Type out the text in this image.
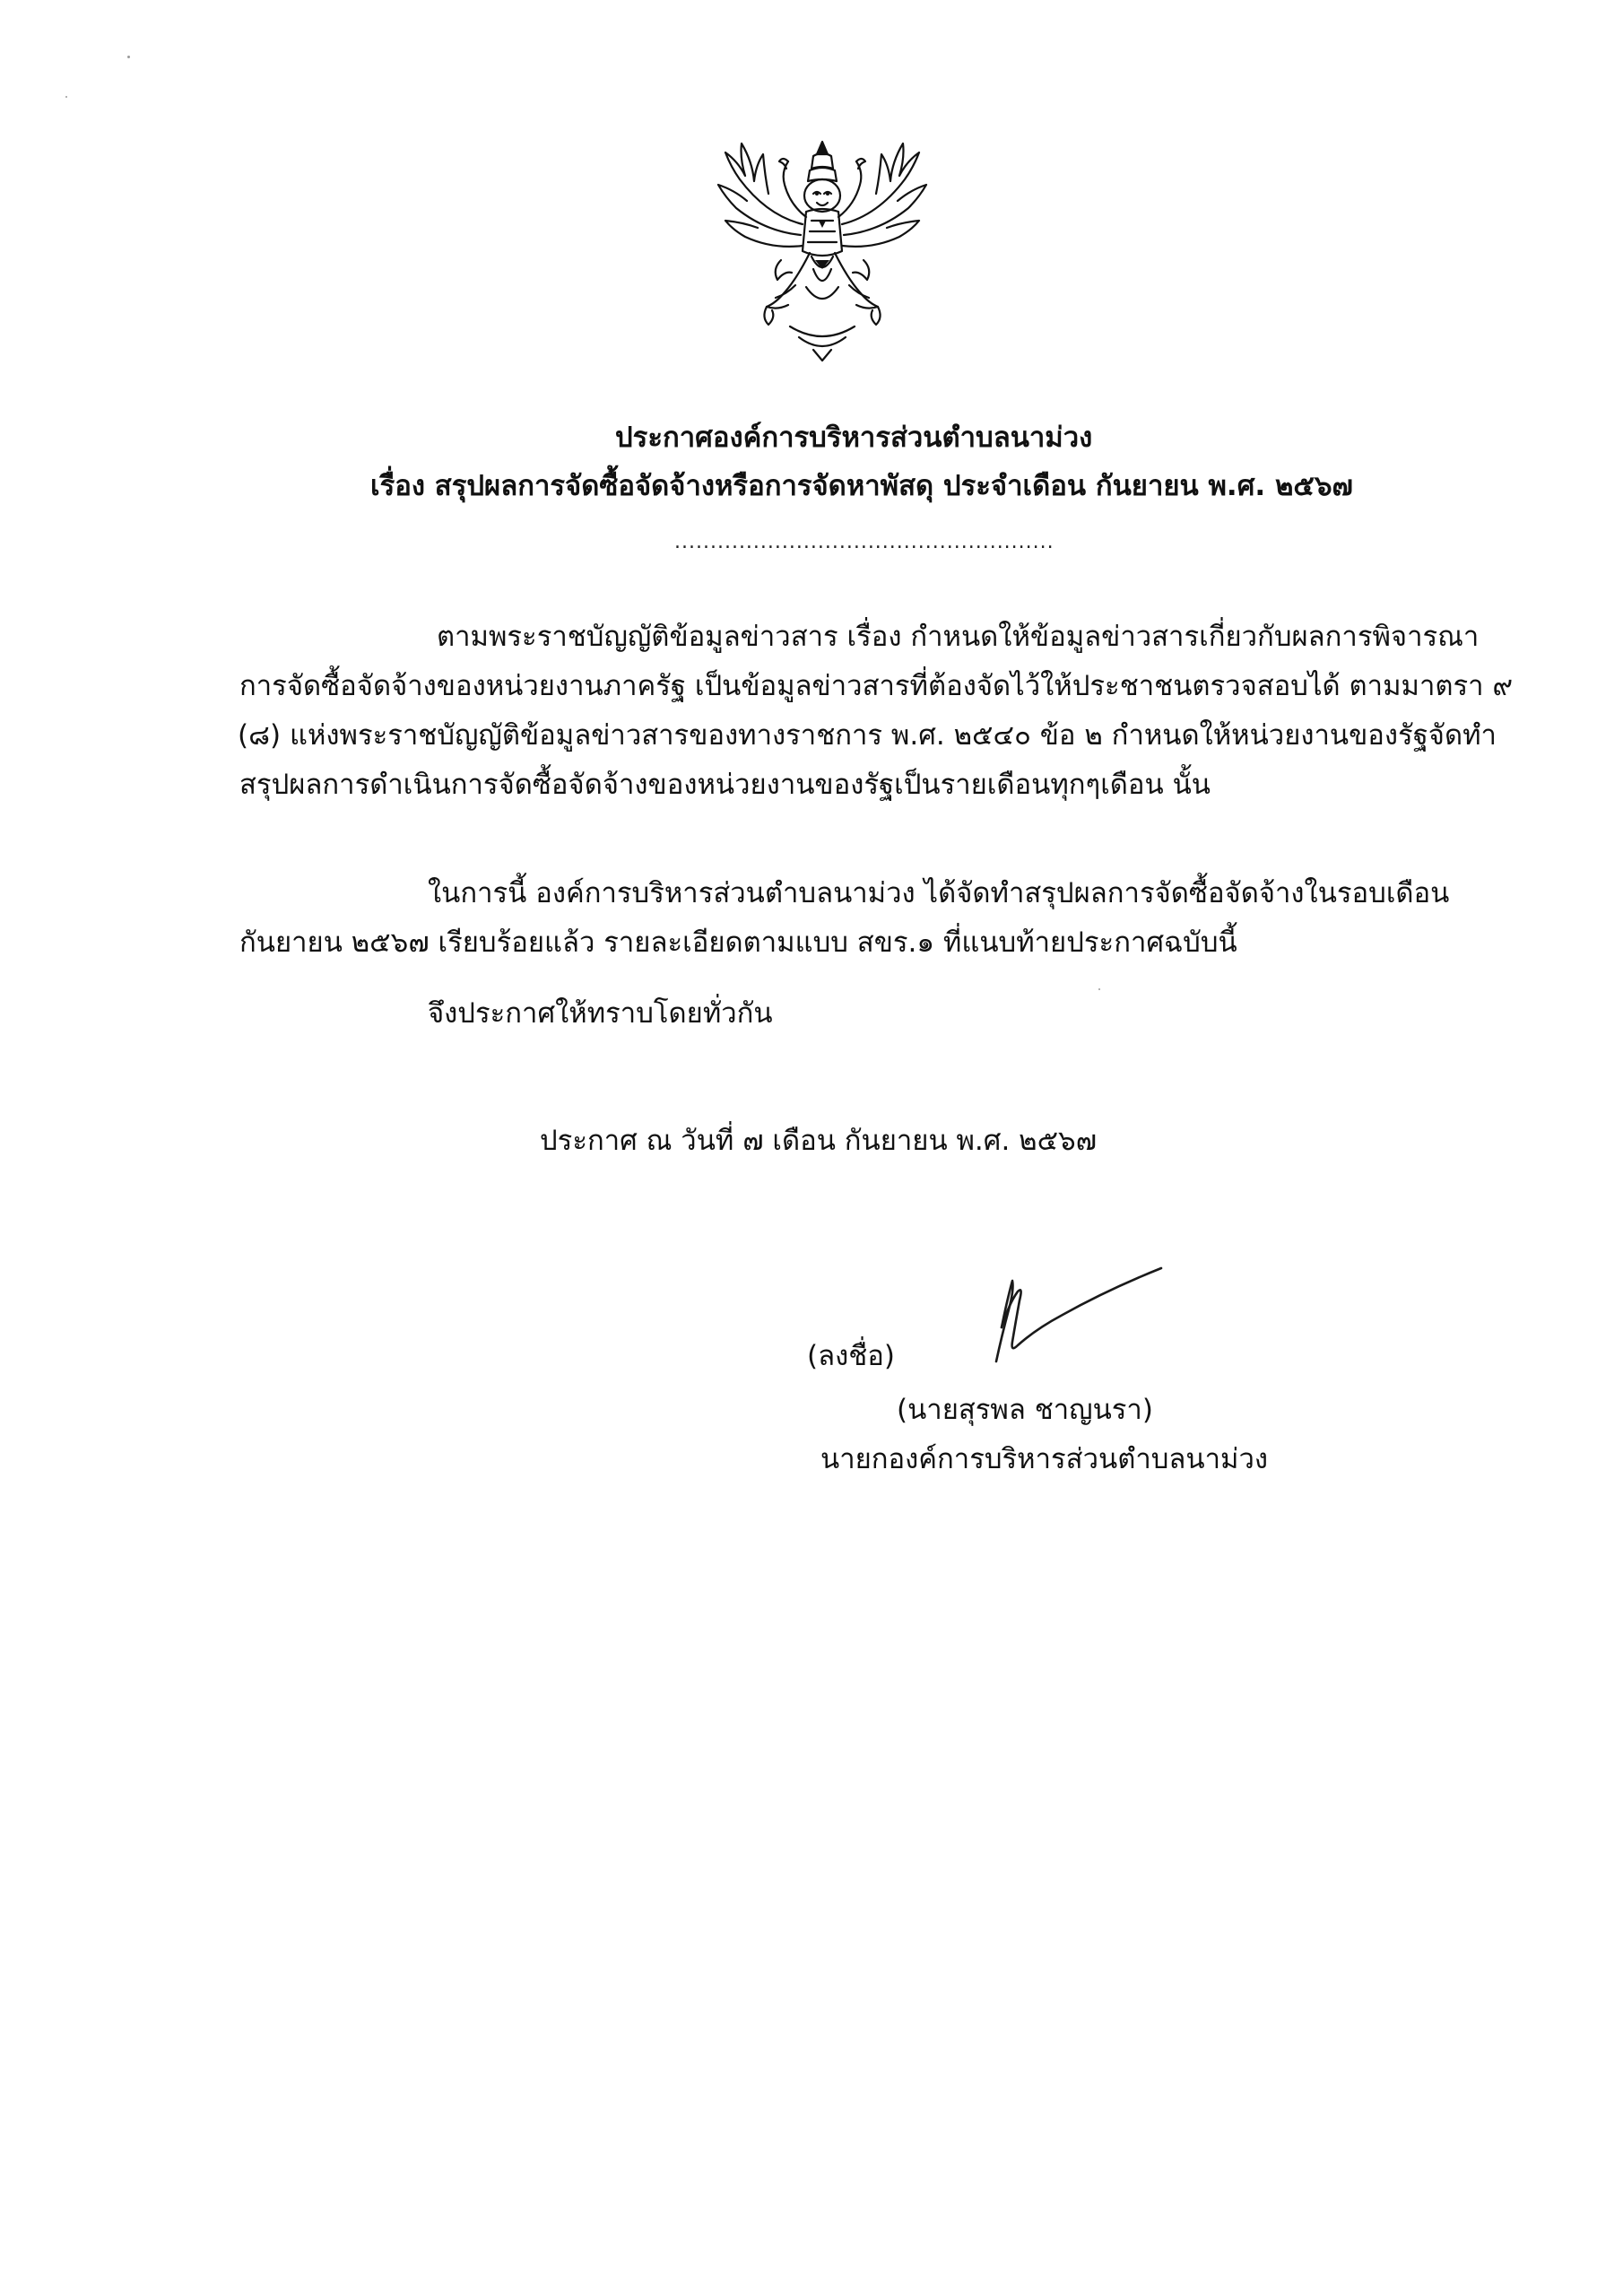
ประกาศองค์การบริหารส่วนตำบลนาม่วง
เรื่อง สรุปผลการจัดซื้อจัดจ้างหรือการจัดหาพัสดุ ประจำเดือน กันยายน พ.ศ. ๒๕๖๗
.....................................................
ตามพระราชบัญญัติข้อมูลข่าวสาร เรื่อง กำหนดให้ข้อมูลข่าวสารเกี่ยวกับผลการพิจารณา
การจัดซื้อจัดจ้างของหน่วยงานภาครัฐ เป็นข้อมูลข่าวสารที่ต้องจัดไว้ให้ประชาชนตรวจสอบได้ ตามมาตรา ๙
(๘) แห่งพระราชบัญญัติข้อมูลข่าวสารของทางราชการ พ.ศ. ๒๕๔๐ ข้อ ๒ กำหนดให้หน่วยงานของรัฐจัดทำ
สรุปผลการดำเนินการจัดซื้อจัดจ้างของหน่วยงานของรัฐเป็นรายเดือนทุกๆเดือน นั้น
ในการนี้ องค์การบริหารส่วนตำบลนาม่วง ได้จัดทำสรุปผลการจัดซื้อจัดจ้างในรอบเดือน
กันยายน ๒๕๖๗ เรียบร้อยแล้ว รายละเอียดตามแบบ สขร.๑ ที่แนบท้ายประกาศฉบับนี้
จึงประกาศให้ทราบโดยทั่วกัน
ประกาศ ณ วันที่ ๗ เดือน กันยายน พ.ศ. ๒๕๖๗
(ลงชื่อ)
(นายสุรพล ชาญนรา)
นายกองค์การบริหารส่วนตำบลนาม่วง
